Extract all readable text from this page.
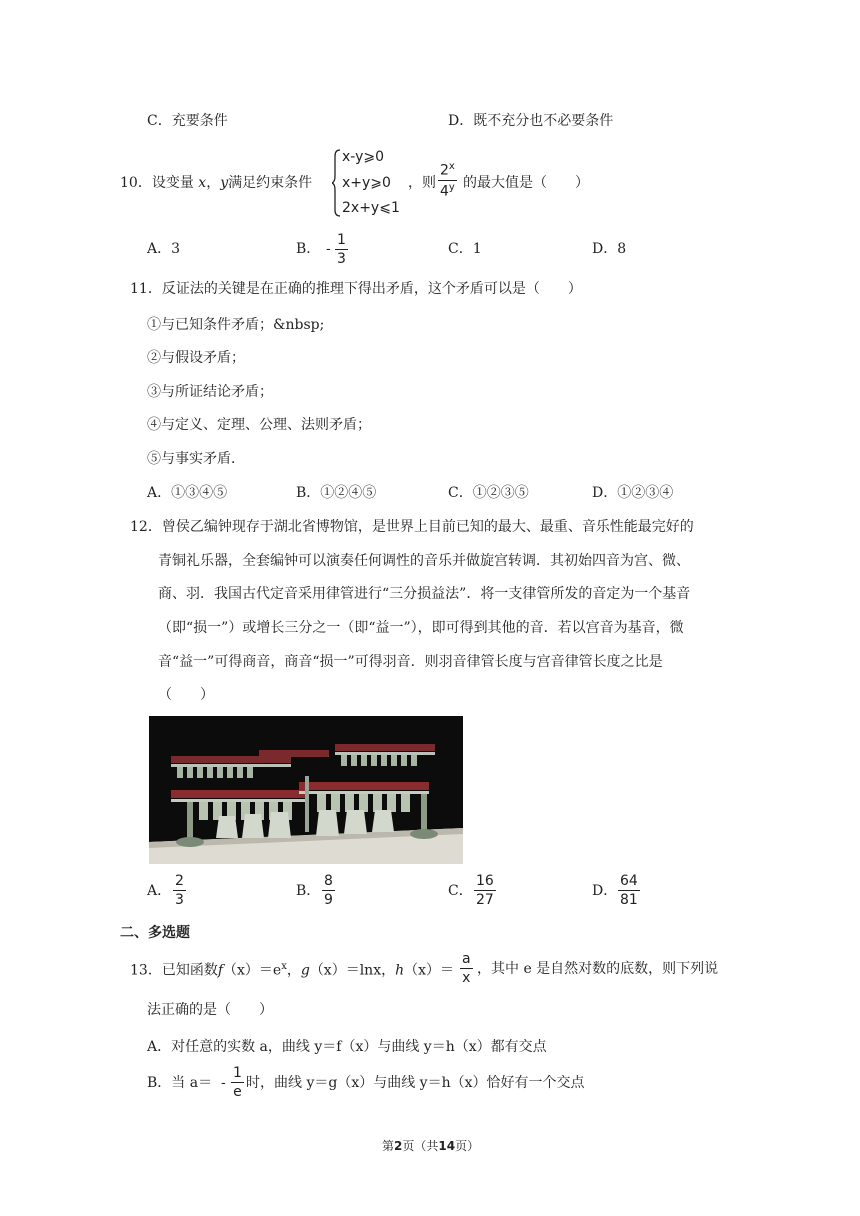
C．充要条件	D．既不充分也不必要条件
10．设变量 x，y满足约束条件
x-y⩾0
x+y⩾0
2x+y⩽1
，则 $\frac{2^x}{4^y}$ 的最大值是（　　）
A．3	B． - $\frac{1}{3}$	C．1	D．8
11．反证法的关键是在正确的推理下得出矛盾，这个矛盾可以是（　　）
①与已知条件矛盾；&nbsp;
②与假设矛盾；
③与所证结论矛盾；
④与定义、定理、公理、法则矛盾；
⑤与事实矛盾．
A．①③④⑤	B．①②④⑤	C．①②③⑤	D．①②③④
12．曾侯乙编钟现存于湖北省博物馆，是世界上目前已知的最大、最重、音乐性能最完好的
青铜礼乐器，全套编钟可以演奏任何调性的音乐并做旋宫转调．其初始四音为宫、微、
商、羽．我国古代定音采用律管进行“三分损益法”．将一支律管所发的音定为一个基音
（即“损一”）或增长三分之一（即“益一”），即可得到其他的音．若以宫音为基音，微
音“益一”可得商音，商音“损一”可得羽音．则羽音律管长度与宫音律管长度之比是
（　　）
A． $\frac{2}{3}$	B． $\frac{8}{9}$	C． $\frac{16}{27}$	D． $\frac{64}{81}$
二、多选题
13．已知函数$f(x)=e^x$，g（x）＝lnx，$h(x)= \frac{a}{x}$ ，其中 e 是自然对数的底数，则下列说
法正确的是（　　）
A．对任意的实数 a，曲线 y＝f（x）与曲线 y＝h（x）都有交点
B．当 $a= - \frac{1}{e}$ 时，曲线 y＝g（x）与曲线 y＝h（x）恰好有一个交点
第2页（共14页）
